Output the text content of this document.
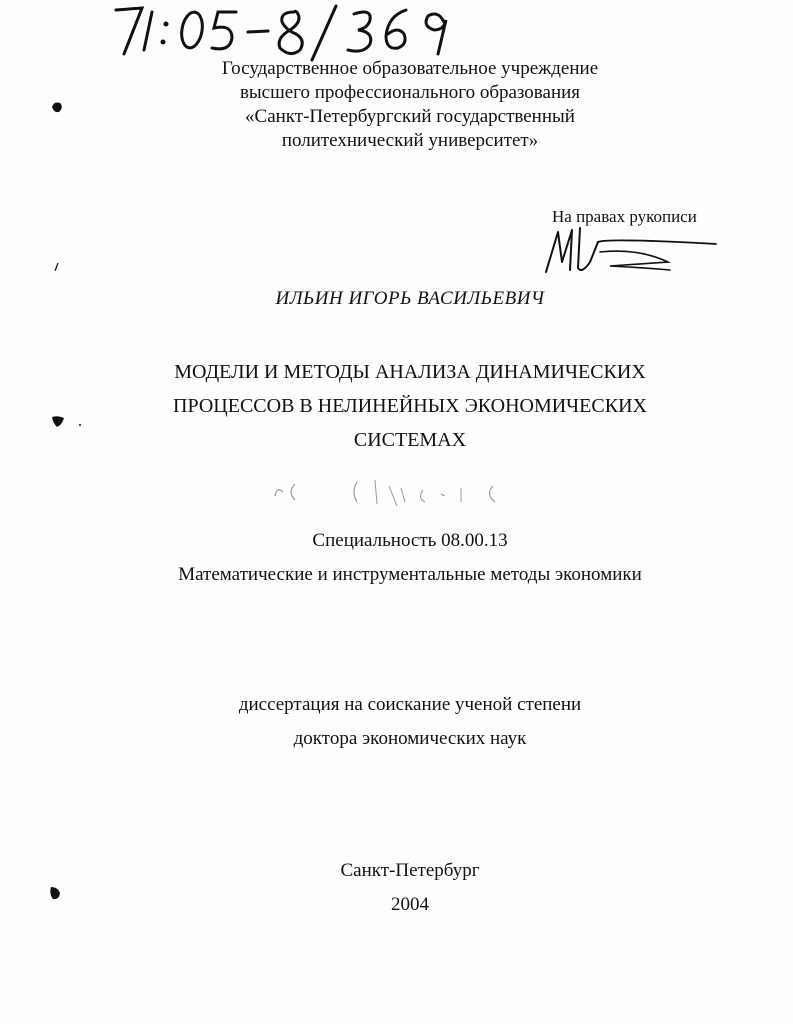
Государственное образовательное учреждение
высшего профессионального образования
«Санкт-Петербургский государственный
политехнический университет»
На правах рукописи
ИЛЬИН ИГОРЬ ВАСИЛЬЕВИЧ
МОДЕЛИ И МЕТОДЫ АНАЛИЗА ДИНАМИЧЕСКИХ
ПРОЦЕССОВ В НЕЛИНЕЙНЫХ ЭКОНОМИЧЕСКИХ
СИСТЕМАХ
Специальность 08.00.13
Математические и инструментальные методы экономики
диссертация на соискание ученой степени
доктора экономических наук
Санкт-Петербург
2004
